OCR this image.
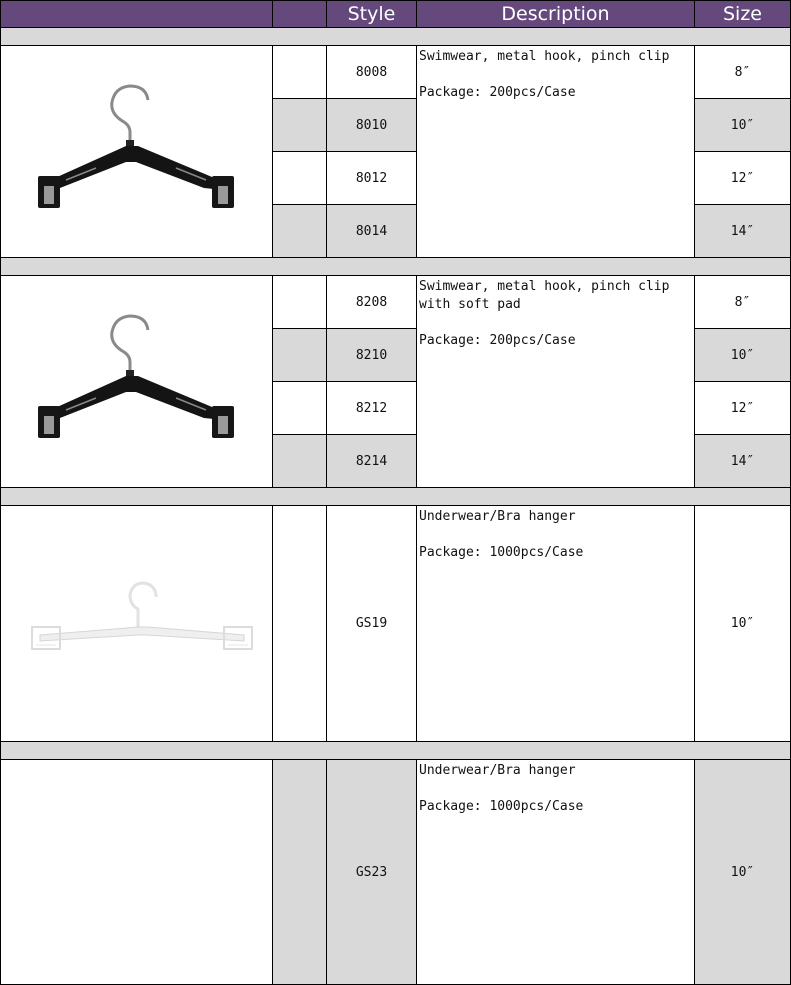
Style	Description	Size
Swimwear, metal hook, pinch clip
Package: 200pcs/Case
8008	8″
8010	10″
8012	12″
8014	14″
Swimwear, metal hook, pinch clip with soft pad
Package: 200pcs/Case
8208	8″
8210	10″
8212	12″
8214	14″
Underwear/Bra hanger
Package: 1000pcs/Case
GS19	10″
Underwear/Bra hanger
Package: 1000pcs/Case
GS23	10″
